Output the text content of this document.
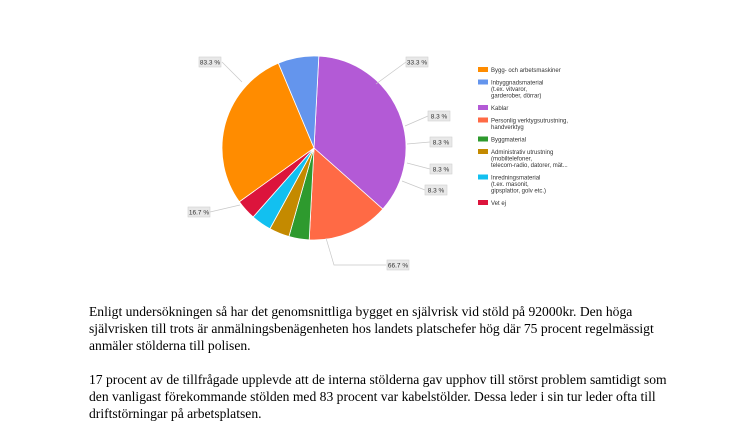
83.3 %	33.3 %
8.3 %
8.3 %
8.3 %
8.3 %
66.7 %
16.7 %
Bygg- och arbetsmaskiner
Inbyggnadsmaterial
(t.ex. vitvaror,
garderober, dörrar)
Kablar
Personlig verktygsutrustning,
handverktyg
Byggmaterial
Administrativ utrustning
(mobiltelefoner,
telecom-radio, datorer, mät...
Inredningsmaterial
(t.ex. masonit,
gipsplattor, golv etc.)
Vet ej

Enligt undersökningen så har det genomsnittliga bygget en självrisk vid stöld på 92000kr. Den höga självrisken till trots är anmälningsbenägenheten hos landets platschefer hög där 75 procent regelmässigt anmäler stölderna till polisen.

17 procent av de tillfrågade upplevde att de interna stölderna gav upphov till störst problem samtidigt som den vanligast förekommande stölden med 83 procent var kabelstölder. Dessa leder i sin tur leder ofta till driftstörningar på arbetsplatsen.
